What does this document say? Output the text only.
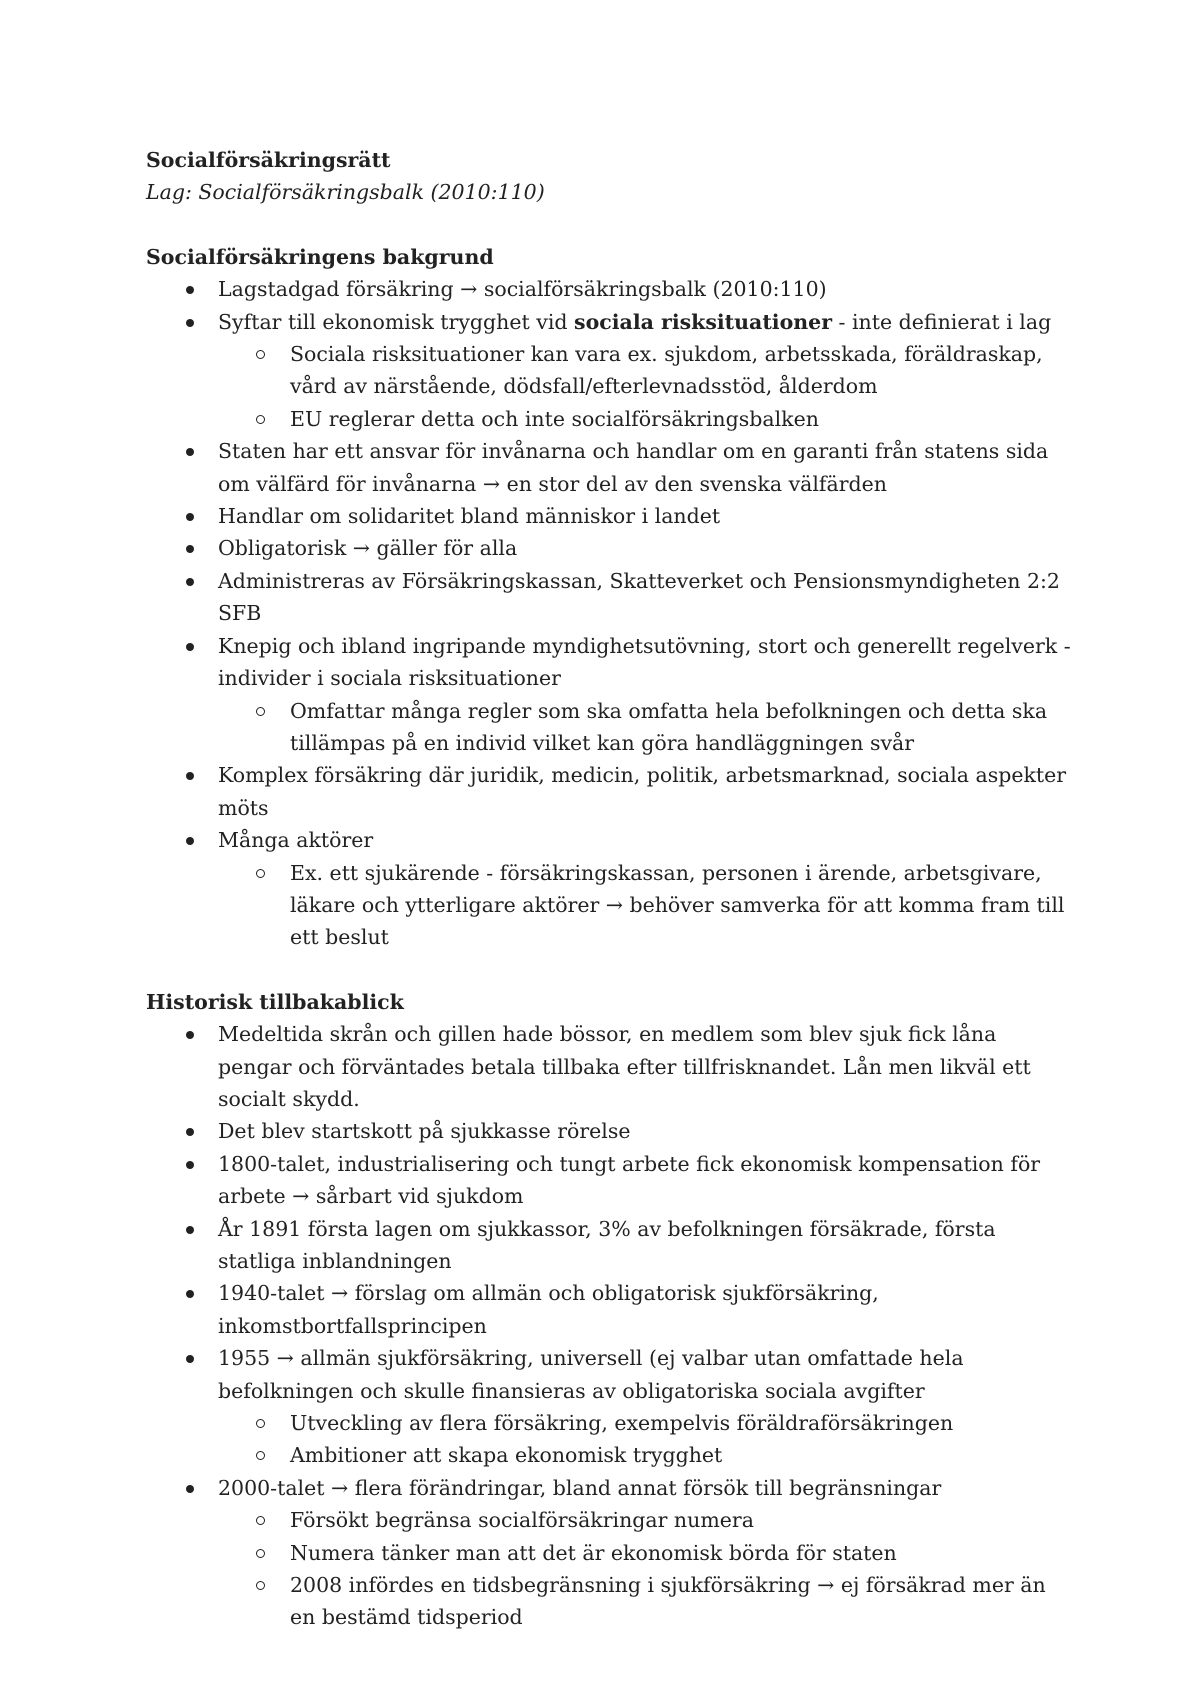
Socialförsäkringsrätt
Lag: Socialförsäkringsbalk (2010:110)
Socialförsäkringens bakgrund
Lagstadgad försäkring → socialförsäkringsbalk (2010:110)
Syftar till ekonomisk trygghet vid sociala risksituationer - inte definierat i lag
Sociala risksituationer kan vara ex. sjukdom, arbetsskada, föräldraskap, vård av närstående, dödsfall/efterlevnadsstöd, ålderdom
EU reglerar detta och inte socialförsäkringsbalken
Staten har ett ansvar för invånarna och handlar om en garanti från statens sida om välfärd för invånarna → en stor del av den svenska välfärden
Handlar om solidaritet bland människor i landet
Obligatorisk → gäller för alla
Administreras av Försäkringskassan, Skatteverket och Pensionsmyndigheten 2:2 SFB
Knepig och ibland ingripande myndighetsutövning, stort och generellt regelverk - individer i sociala risksituationer
Omfattar många regler som ska omfatta hela befolkningen och detta ska tillämpas på en individ vilket kan göra handläggningen svår
Komplex försäkring där juridik, medicin, politik, arbetsmarknad, sociala aspekter möts
Många aktörer
Ex. ett sjukärende - försäkringskassan, personen i ärende, arbetsgivare, läkare och ytterligare aktörer → behöver samverka för att komma fram till ett beslut
Historisk tillbakablick
Medeltida skrån och gillen hade bössor, en medlem som blev sjuk fick låna pengar och förväntades betala tillbaka efter tillfrisknandet. Lån men likväl ett socialt skydd.
Det blev startskott på sjukkasse rörelse
1800-talet, industrialisering och tungt arbete fick ekonomisk kompensation för arbete → sårbart vid sjukdom
År 1891 första lagen om sjukkassor, 3% av befolkningen försäkrade, första statliga inblandningen
1940-talet → förslag om allmän och obligatorisk sjukförsäkring, inkomstbortfallsprincipen
1955 → allmän sjukförsäkring, universell (ej valbar utan omfattade hela befolkningen och skulle finansieras av obligatoriska sociala avgifter
Utveckling av flera försäkring, exempelvis föräldraförsäkringen
Ambitioner att skapa ekonomisk trygghet
2000-talet → flera förändringar, bland annat försök till begränsningar
Försökt begränsa socialförsäkringar numera
Numera tänker man att det är ekonomisk börda för staten
2008 infördes en tidsbegränsning i sjukförsäkring → ej försäkrad mer än en bestämd tidsperiod
